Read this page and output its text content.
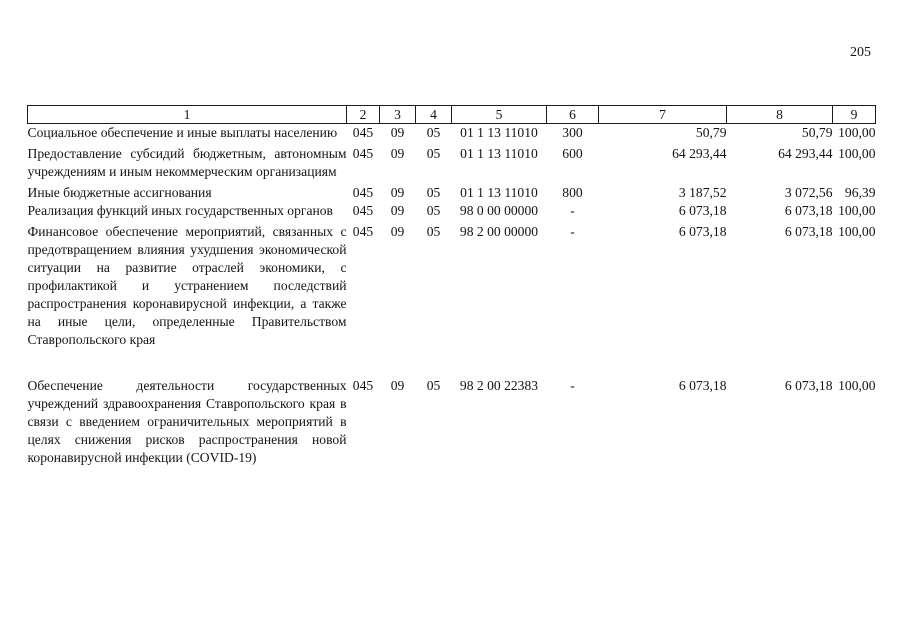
205
1	2	3	4	5	6	7	8	9
Социальное обеспечение и иные выплаты населению	045	09	05	01 1 13 11010	300	50,79	50,79	100,00

Предоставление субсидий бюджетным, автономным учреждениям и иным некоммерческим организациям	045	09	05	01 1 13 11010	600	64 293,44	64 293,44	100,00

Иные бюджетные ассигнования	045	09	05	01 1 13 11010	800	3 187,52	3 072,56	96,39
Реализация функций иных государственных органов	045	09	05	98 0 00 00000	-	6 073,18	6 073,18	100,00

Финансовое обеспечение мероприятий, связанных с предотвращением влияния ухудшения экономической ситуации на развитие отраслей экономики, с профилактикой и устранением последствий распространения коронавирусной инфекции, а также на иные цели, определенные Правительством Ставропольского края	045	09	05	98 2 00 00000	-	6 073,18	6 073,18	100,00

Обеспечение деятельности государственных учреждений здравоохранения Ставропольского края в связи с введением ограничительных мероприятий в целях снижения рисков распространения новой коронавирусной инфекции (COVID-19)	045	09	05	98 2 00 22383	-	6 073,18	6 073,18	100,00
